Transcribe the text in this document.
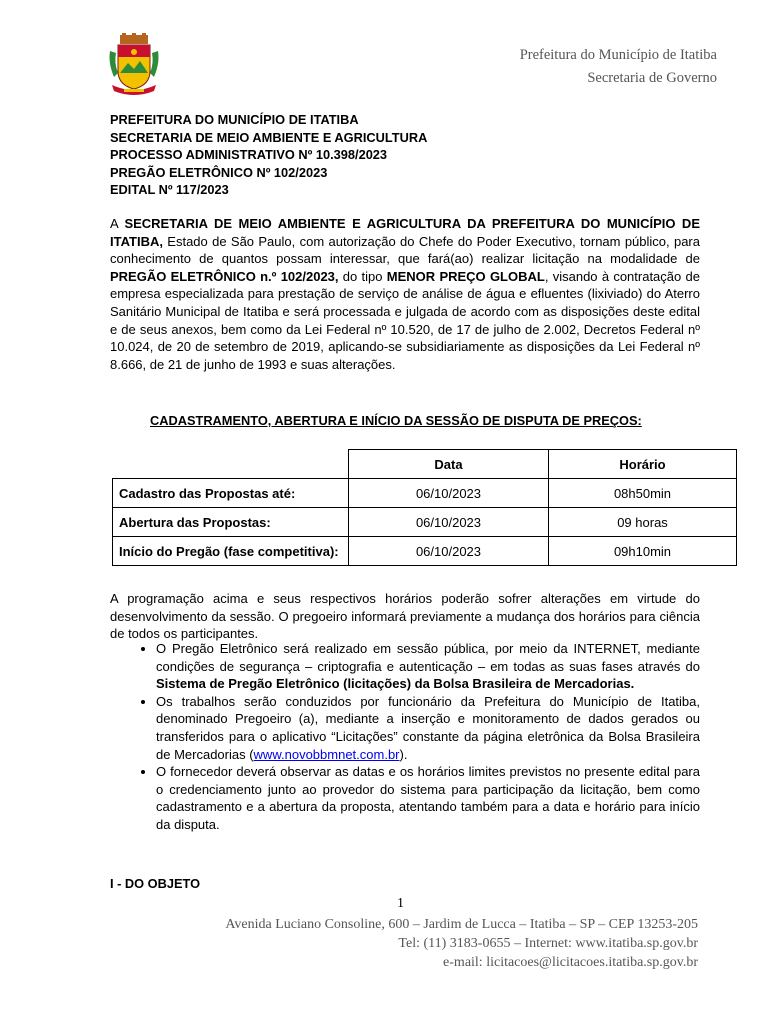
Prefeitura do Município de Itatiba
Secretaria de Governo
PREFEITURA DO MUNICÍPIO DE ITATIBA
SECRETARIA DE MEIO AMBIENTE E AGRICULTURA
PROCESSO ADMINISTRATIVO Nº 10.398/2023
PREGÃO ELETRÔNICO Nº 102/2023
EDITAL Nº 117/2023
A SECRETARIA DE MEIO AMBIENTE E AGRICULTURA DA PREFEITURA DO MUNICÍPIO DE ITATIBA, Estado de São Paulo, com autorização do Chefe do Poder Executivo, tornam público, para conhecimento de quantos possam interessar, que fará(ao) realizar licitação na modalidade de PREGÃO ELETRÔNICO n.º 102/2023, do tipo MENOR PREÇO GLOBAL, visando à contratação de empresa especializada para prestação de serviço de análise de água e efluentes (lixiviado) do Aterro Sanitário Municipal de Itatiba e será processada e julgada de acordo com as disposições deste edital e de seus anexos, bem como da Lei Federal nº 10.520, de 17 de julho de 2.002, Decretos Federal nº 10.024, de 20 de setembro de 2019, aplicando-se subsidiariamente as disposições da Lei Federal nº 8.666, de 21 de junho de 1993 e suas alterações.
CADASTRAMENTO, ABERTURA E INÍCIO DA SESSÃO DE DISPUTA DE PREÇOS:
	Data	Horário
Cadastro das Propostas até:	06/10/2023	08h50min
Abertura das Propostas:	06/10/2023	09 horas
Início do Pregão (fase competitiva):	06/10/2023	09h10min
A programação acima e seus respectivos horários poderão sofrer alterações em virtude do desenvolvimento da sessão. O pregoeiro informará previamente a mudança dos horários para ciência de todos os participantes.
• O Pregão Eletrônico será realizado em sessão pública, por meio da INTERNET, mediante condições de segurança – criptografia e autenticação – em todas as suas fases através do Sistema de Pregão Eletrônico (licitações) da Bolsa Brasileira de Mercadorias.
• Os trabalhos serão conduzidos por funcionário da Prefeitura do Município de Itatiba, denominado Pregoeiro (a), mediante a inserção e monitoramento de dados gerados ou transferidos para o aplicativo “Licitações” constante da página eletrônica da Bolsa Brasileira de Mercadorias (www.novobbmnet.com.br).
• O fornecedor deverá observar as datas e os horários limites previstos no presente edital para o credenciamento junto ao provedor do sistema para participação da licitação, bem como cadastramento e a abertura da proposta, atentando também para a data e horário para início da disputa.
I - DO OBJETO
1
Avenida Luciano Consoline, 600 – Jardim de Lucca – Itatiba – SP – CEP 13253-205
Tel: (11) 3183-0655 – Internet: www.itatiba.sp.gov.br
e-mail: licitacoes@licitacoes.itatiba.sp.gov.br
